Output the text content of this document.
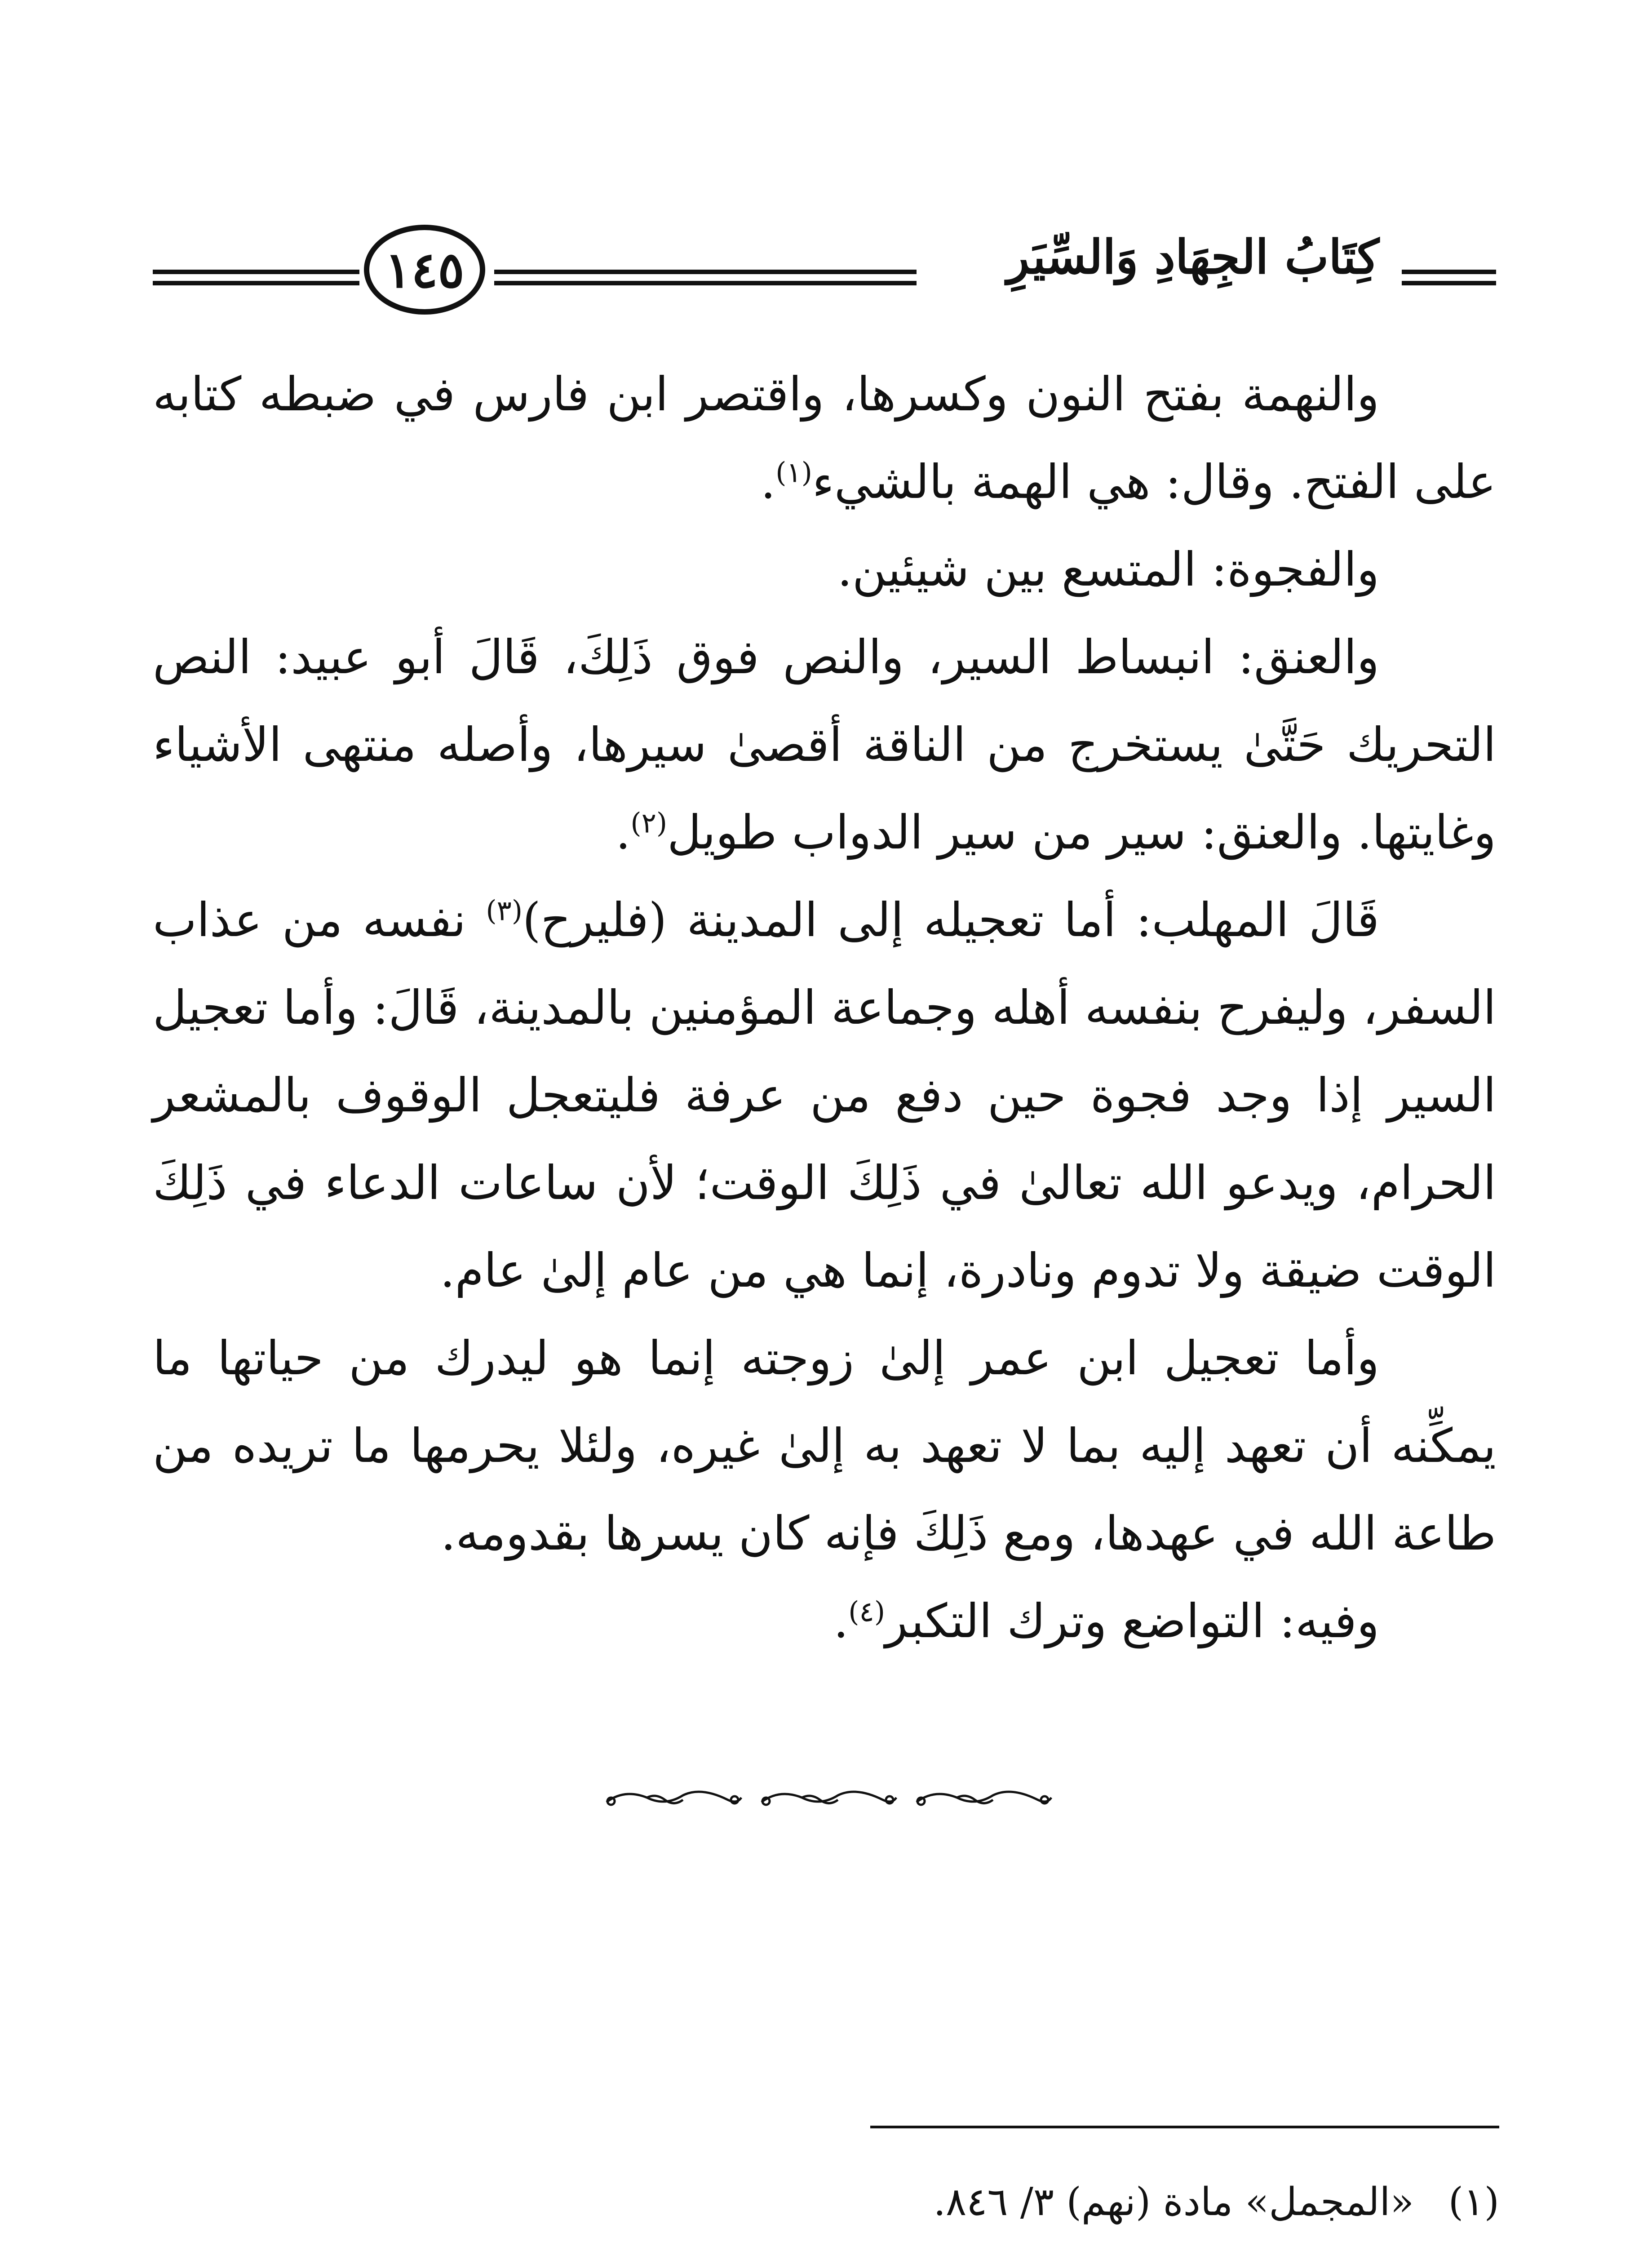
كِتَابُ الجِهَادِ وَالسِّيَرِ
١٤٥

والنهمة بفتح النون وكسرها، واقتصر ابن فارس في ضبطه كتابه على الفتح. وقال: هي الهمة بالشيء$^{(١)}$.

والفجوة: المتسع بين شيئين.

والعنق: انبساط السير، والنص فوق ذَلِكَ، قَالَ أبو عبيد: النص التحريك حَتَّىٰ يستخرج من الناقة أقصىٰ سيرها، وأصله منتهى الأشياء وغايتها. والعنق: سير من سير الدواب طويل$^{(٢)}$.

قَالَ المهلب: أما تعجيله إلى المدينة (فليرح)$^{(٣)}$ نفسه من عذاب السفر، وليفرح بنفسه أهله وجماعة المؤمنين بالمدينة، قَالَ: وأما تعجيل السير إذا وجد فجوة حين دفع من عرفة فليتعجل الوقوف بالمشعر الحرام، ويدعو الله تعالىٰ في ذَلِكَ الوقت؛ لأن ساعات الدعاء في ذَلِكَ الوقت ضيقة ولا تدوم ونادرة، إنما هي من عام إلىٰ عام.

وأما تعجيل ابن عمر إلىٰ زوجته إنما هو ليدرك من حياتها ما يمكِّنه أن تعهد إليه بما لا تعهد به إلىٰ غيره، ولئلا يحرمها ما تريده من طاعة الله في عهدها، ومع ذَلِكَ فإنه كان يسرها بقدومه.

وفيه: التواضع وترك التكبر$^{(٤)}$.

(١)
«المجمل» مادة (نهم) ٣/ ٨٤٦.
